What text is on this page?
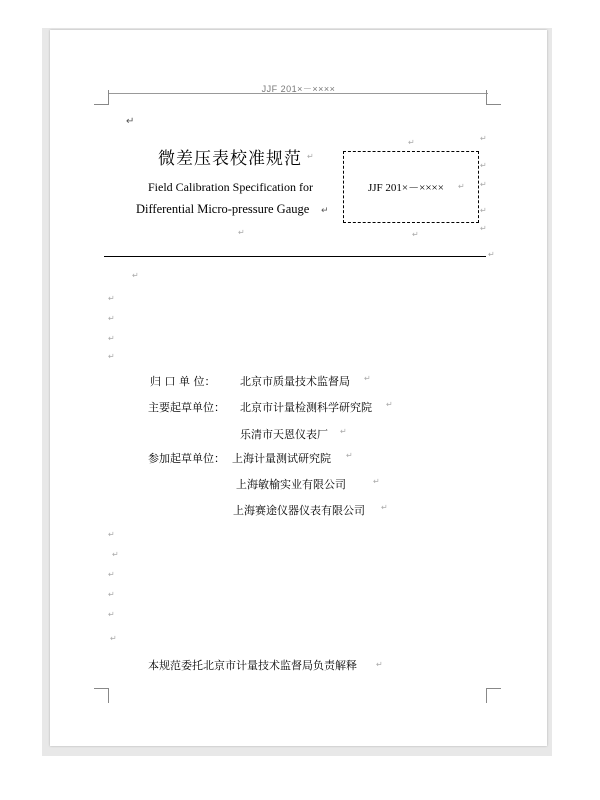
JJF 201×－××××
↵
微差压表校准规范 ↵
Field Calibration Specification for
Differential Micro-pressure Gauge ↵
↵
JJF 201×－×××× ↵
↵	↵
↵
↵
↵
↵
↵
↵
↵
↵
↵
↵
↵
归 口 单 位： 北京市质量技术监督局 ↵
主要起草单位： 北京市计量检测科学研究院 ↵
乐清市天恩仪表厂 ↵
参加起草单位： 上海计量测试研究院 ↵
上海敏榆实业有限公司	↵
上海赛途仪器仪表有限公司 ↵
↵
↵
↵
↵
↵
↵
本规范委托北京市计量技术监督局负责解释 ↵
